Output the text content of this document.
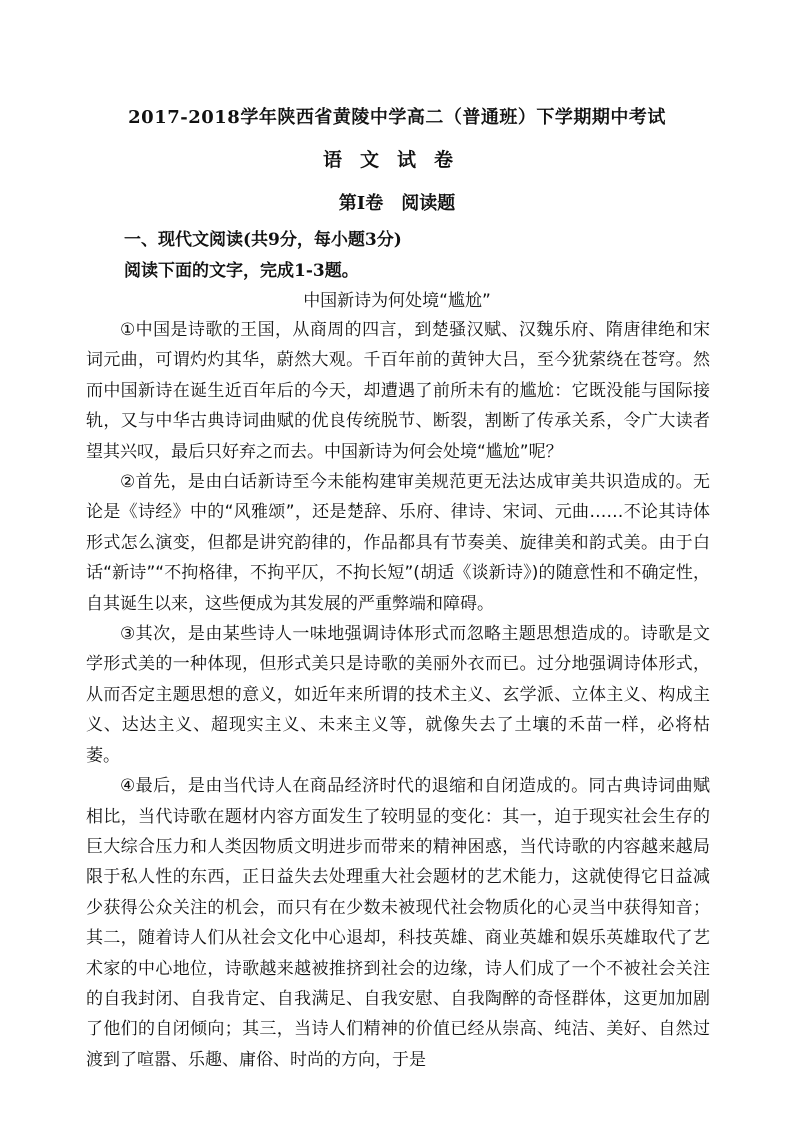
2017-2018学年陕西省黄陵中学高二（普通班）下学期期中考试
语文试卷
第Ⅰ卷　阅读题
一、现代文阅读(共9分，每小题3分)
阅读下面的文字，完成1-3题。
中国新诗为何处境“尴尬”

①中国是诗歌的王国，从商周的四言，到楚骚汉赋、汉魏乐府、隋唐律绝和宋词元曲，可谓灼灼其华，蔚然大观。千百年前的黄钟大吕，至今犹萦绕在苍穹。然而中国新诗在诞生近百年后的今天，却遭遇了前所未有的尴尬：它既没能与国际接轨，又与中华古典诗词曲赋的优良传统脱节、断裂，割断了传承关系，令广大读者望其兴叹，最后只好弃之而去。中国新诗为何会处境“尴尬”呢？

②首先，是由白话新诗至今未能构建审美规范更无法达成审美共识造成的。无论是《诗经》中的“风雅颂”，还是楚辞、乐府、律诗、宋词、元曲……不论其诗体形式怎么演变，但都是讲究韵律的，作品都具有节奏美、旋律美和韵式美。由于白话“新诗”“不拘格律，不拘平仄，不拘长短”(胡适《谈新诗》)的随意性和不确定性，自其诞生以来，这些便成为其发展的严重弊端和障碍。

③其次，是由某些诗人一味地强调诗体形式而忽略主题思想造成的。诗歌是文学形式美的一种体现，但形式美只是诗歌的美丽外衣而已。过分地强调诗体形式，从而否定主题思想的意义，如近年来所谓的技术主义、玄学派、立体主义、构成主义、达达主义、超现实主义、未来主义等，就像失去了土壤的禾苗一样，必将枯萎。

④最后，是由当代诗人在商品经济时代的退缩和自闭造成的。同古典诗词曲赋相比，当代诗歌在题材内容方面发生了较明显的变化：其一，迫于现实社会生存的巨大综合压力和人类因物质文明进步而带来的精神困惑，当代诗歌的内容越来越局限于私人性的东西，正日益失去处理重大社会题材的艺术能力，这就使得它日益减少获得公众关注的机会，而只有在少数未被现代社会物质化的心灵当中获得知音；其二，随着诗人们从社会文化中心退却，科技英雄、商业英雄和娱乐英雄取代了艺术家的中心地位，诗歌越来越被推挤到社会的边缘，诗人们成了一个不被社会关注的自我封闭、自我肯定、自我满足、自我安慰、自我陶醉的奇怪群体，这更加加剧了他们的自闭倾向；其三，当诗人们精神的价值已经从崇高、纯洁、美好、自然过渡到了喧嚣、乐趣、庸俗、时尚的方向，于是
